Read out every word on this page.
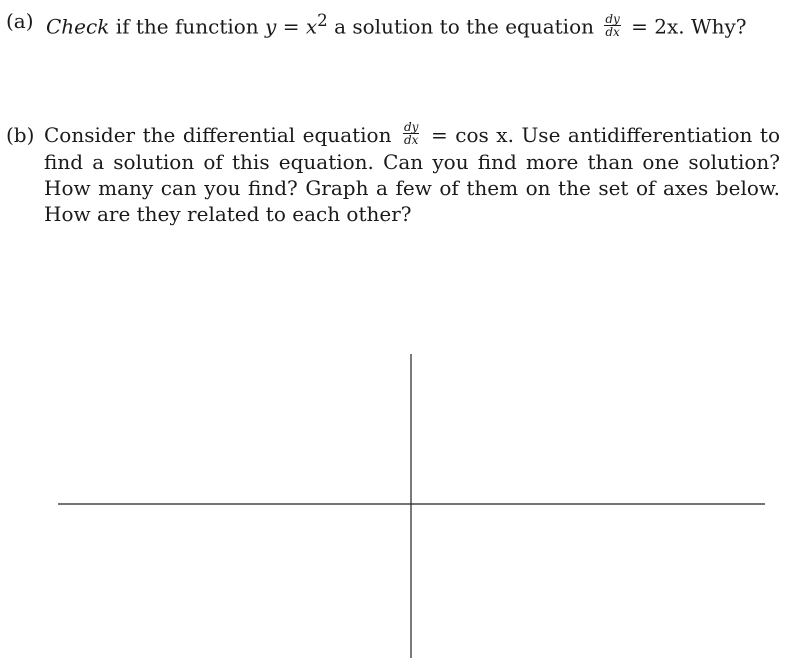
(a) Check if the function $y = x^2$ a solution to the equation $\frac{dy}{dx} = 2x$. Why?
(b) Consider the differential equation $\frac{dy}{dx} = \cos x$. Use antidifferentiation to find a solution of this equation. Can you find more than one solution? How many can you find? Graph a few of them on the set of axes below. How are they related to each other?
